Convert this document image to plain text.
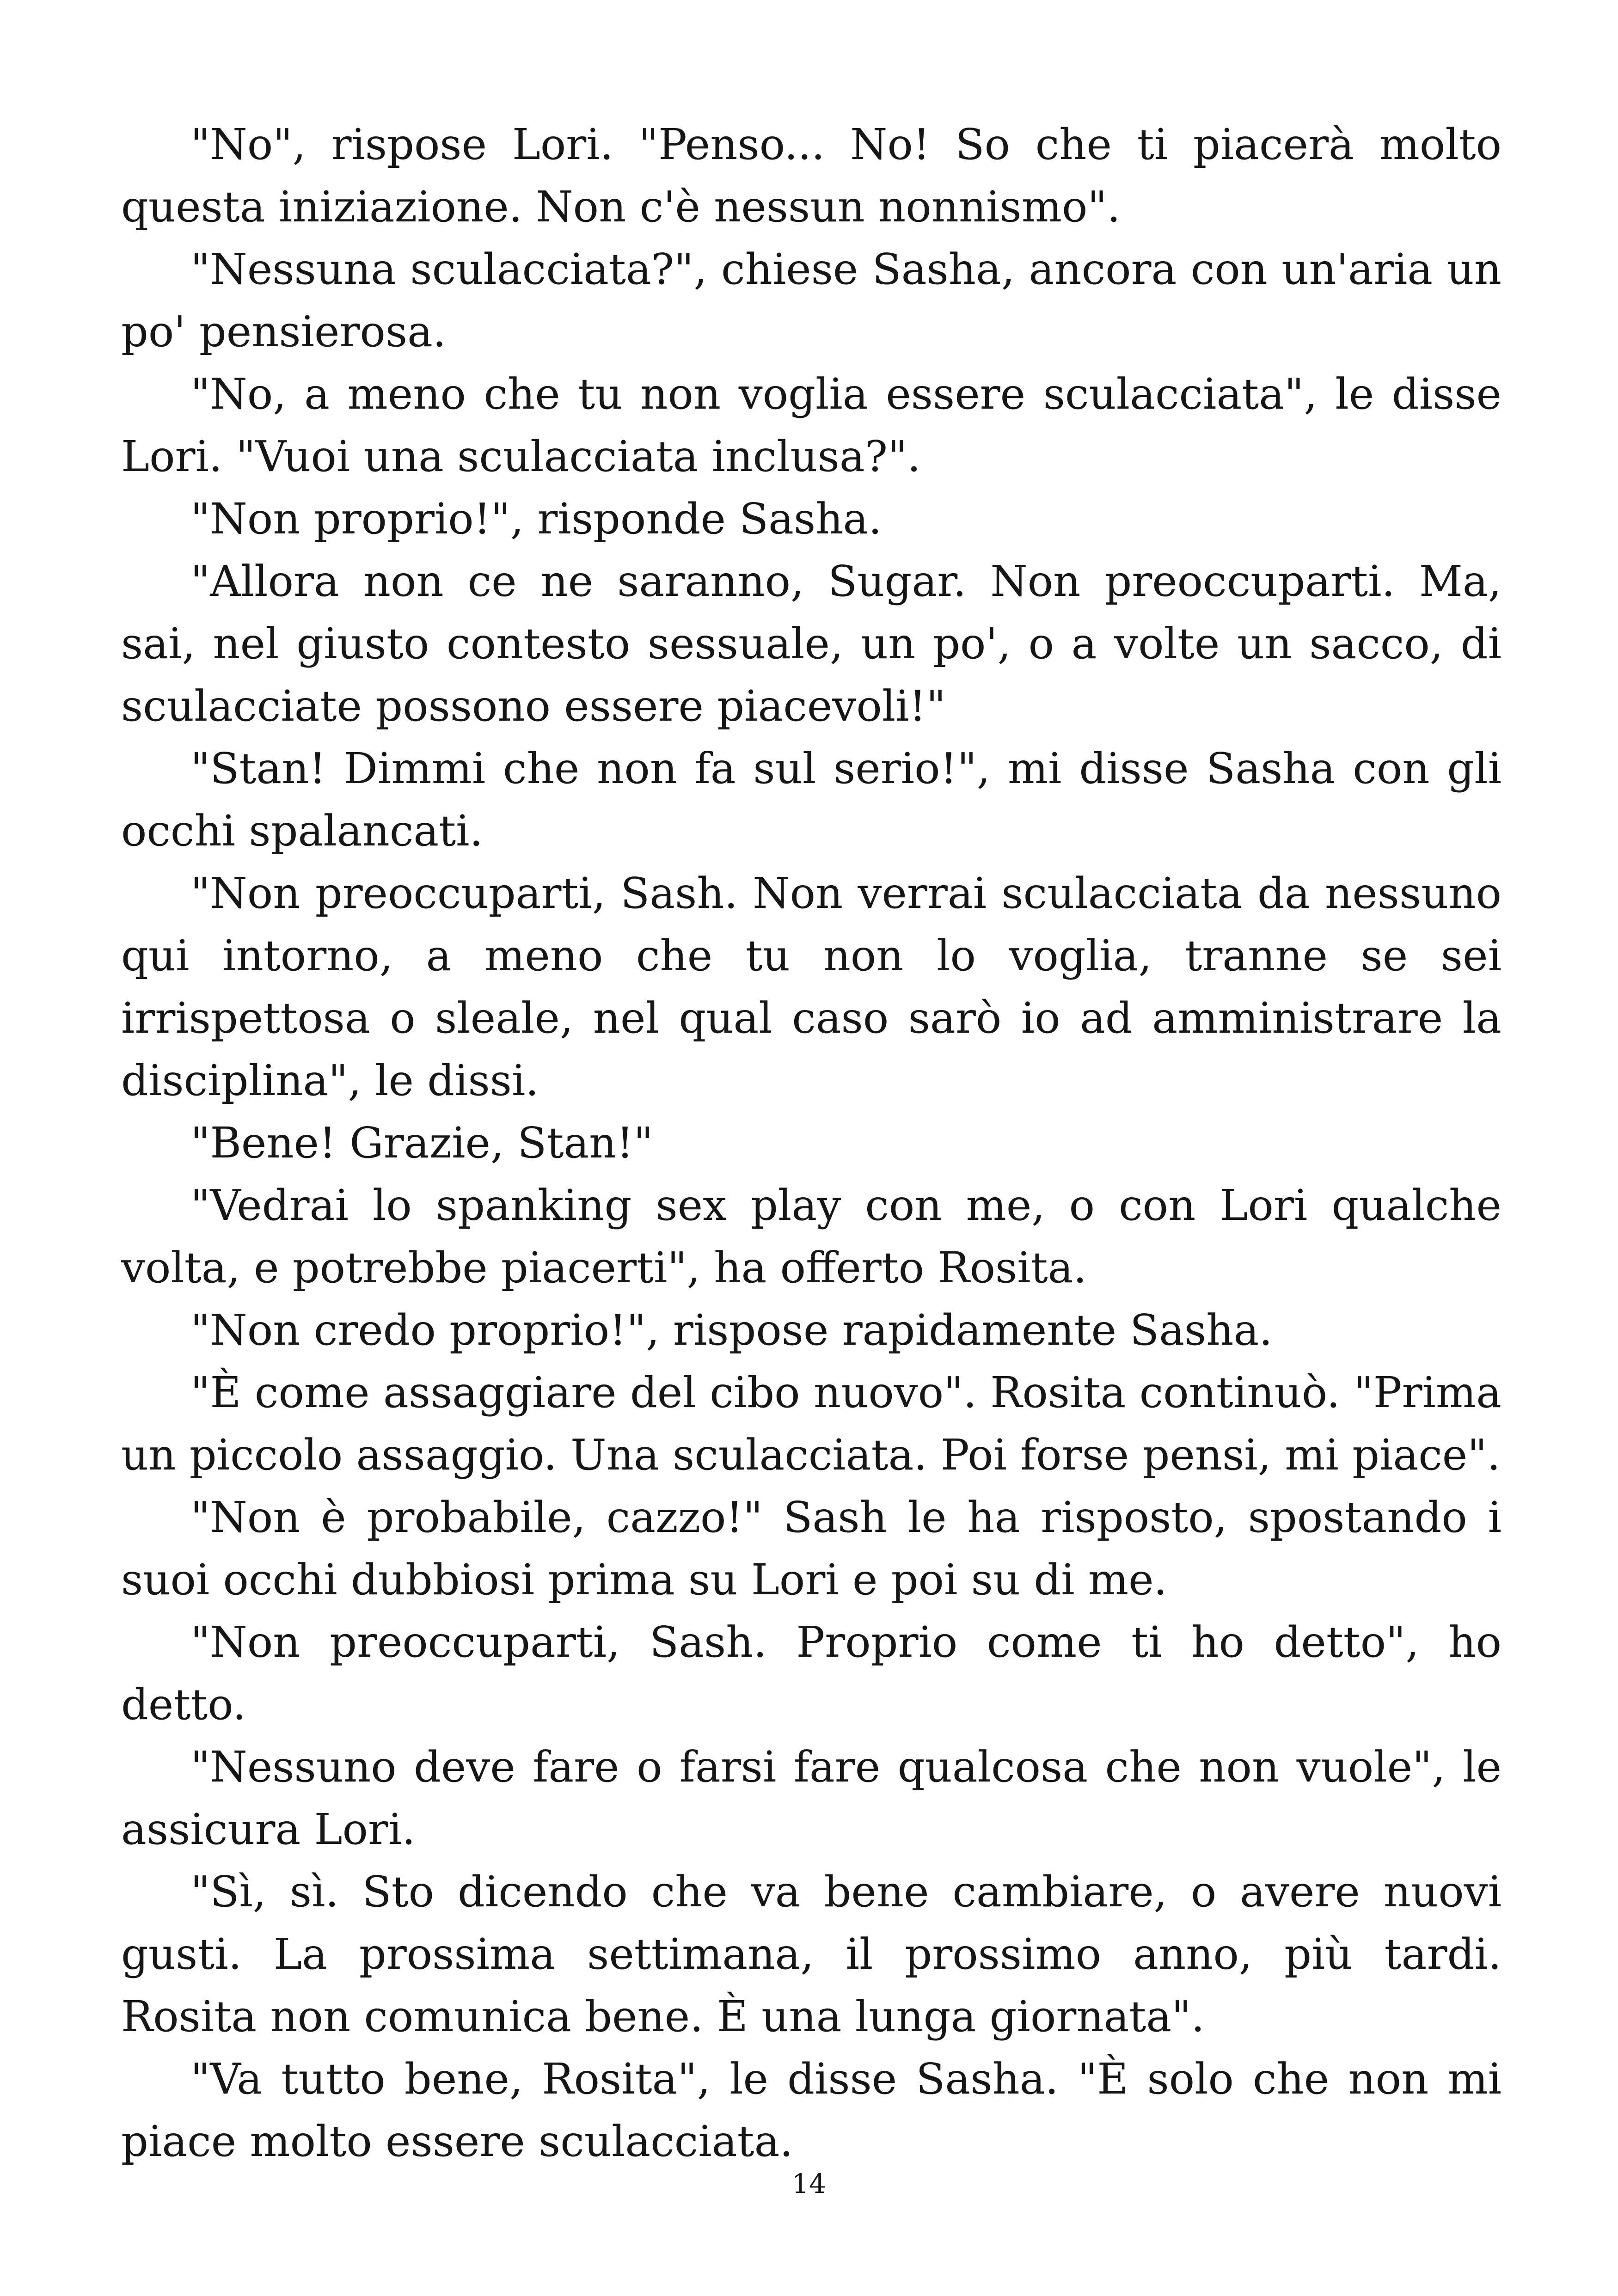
"No", rispose Lori. "Penso... No! So che ti piacerà molto questa iniziazione. Non c'è nessun nonnismo".

"Nessuna sculacciata?", chiese Sasha, ancora con un'aria un po' pensierosa.

"No, a meno che tu non voglia essere sculacciata", le disse Lori. "Vuoi una sculacciata inclusa?".

"Non proprio!", risponde Sasha.

"Allora non ce ne saranno, Sugar. Non preoccuparti. Ma, sai, nel giusto contesto sessuale, un po', o a volte un sacco, di sculacciate possono essere piacevoli!"

"Stan! Dimmi che non fa sul serio!", mi disse Sasha con gli occhi spalancati.

"Non preoccuparti, Sash. Non verrai sculacciata da nessuno qui intorno, a meno che tu non lo voglia, tranne se sei irrispettosa o sleale, nel qual caso sarò io ad amministrare la disciplina", le dissi.

"Bene! Grazie, Stan!"

"Vedrai lo spanking sex play con me, o con Lori qualche volta, e potrebbe piacerti", ha offerto Rosita.

"Non credo proprio!", rispose rapidamente Sasha.

"È come assaggiare del cibo nuovo". Rosita continuò. "Prima un piccolo assaggio. Una sculacciata. Poi forse pensi, mi piace".

"Non è probabile, cazzo!" Sash le ha risposto, spostando i suoi occhi dubbiosi prima su Lori e poi su di me.

"Non preoccuparti, Sash. Proprio come ti ho detto", ho detto.

"Nessuno deve fare o farsi fare qualcosa che non vuole", le assicura Lori.

"Sì, sì. Sto dicendo che va bene cambiare, o avere nuovi gusti. La prossima settimana, il prossimo anno, più tardi. Rosita non comunica bene. È una lunga giornata".

"Va tutto bene, Rosita", le disse Sasha. "È solo che non mi piace molto essere sculacciata.

14
